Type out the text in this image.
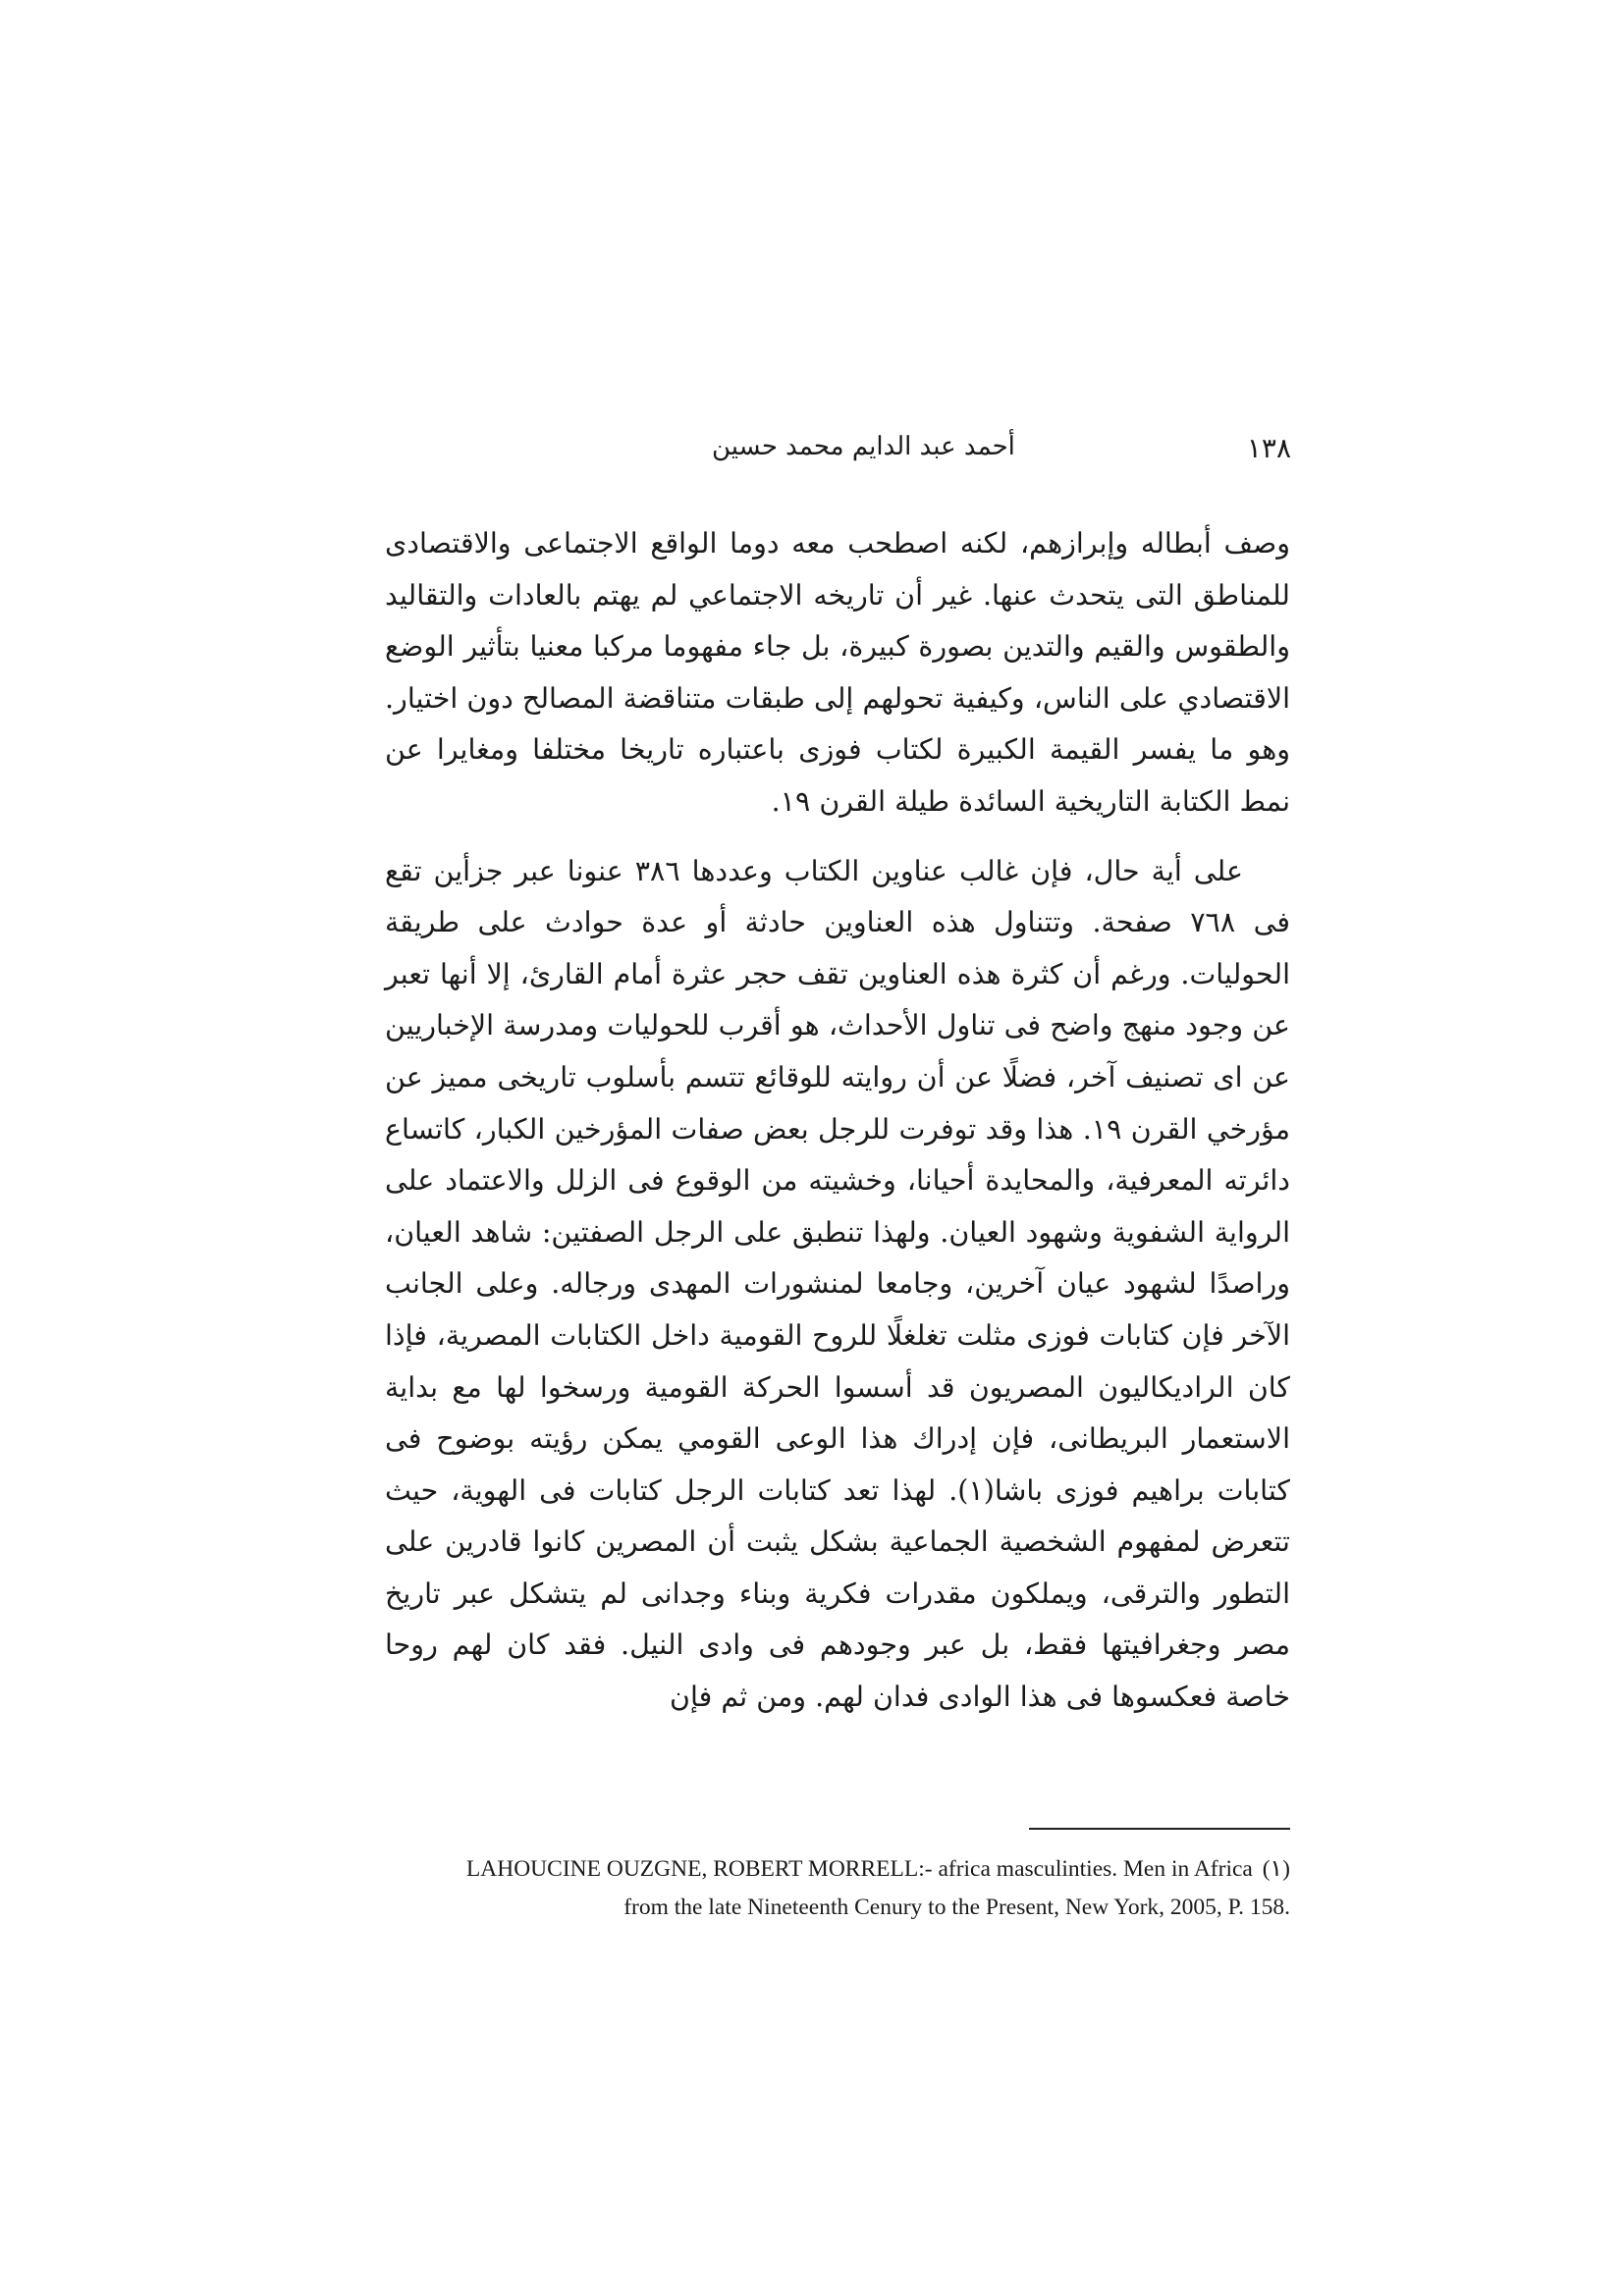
١٣٨
أحمد عبد الدايم محمد حسين

وصف أبطاله وإبرازهم، لكنه اصطحب معه دوما الواقع الاجتماعى والاقتصادى للمناطق التى يتحدث عنها. غير أن تاريخه الاجتماعي لم يهتم بالعادات والتقاليد والطقوس والقيم والتدين بصورة كبيرة، بل جاء مفهوما مركبا معنيا بتأثير الوضع الاقتصادي على الناس، وكيفية تحولهم إلى طبقات متناقضة المصالح دون اختيار. وهو ما يفسر القيمة الكبيرة لكتاب فوزى باعتباره تاريخا مختلفا ومغايرا عن نمط الكتابة التاريخية السائدة طيلة القرن ١٩.

على أية حال، فإن غالب عناوين الكتاب وعددها ٣٨٦ عنونا عبر جزأين تقع فى ٧٦٨ صفحة. وتتناول هذه العناوين حادثة أو عدة حوادث على طريقة الحوليات. ورغم أن كثرة هذه العناوين تقف حجر عثرة أمام القارئ، إلا أنها تعبر عن وجود منهج واضح فى تناول الأحداث، هو أقرب للحوليات ومدرسة الإخباريين عن اى تصنيف آخر، فضلًا عن أن روايته للوقائع تتسم بأسلوب تاريخى مميز عن مؤرخي القرن ١٩. هذا وقد توفرت للرجل بعض صفات المؤرخين الكبار، كاتساع دائرته المعرفية، والمحايدة أحيانا، وخشيته من الوقوع فى الزلل والاعتماد على الرواية الشفوية وشهود العيان. ولهذا تنطبق على الرجل الصفتين: شاهد العيان، وراصدًا لشهود عيان آخرين، وجامعا لمنشورات المهدى ورجاله. وعلى الجانب الآخر فإن كتابات فوزى مثلت تغلغلًا للروح القومية داخل الكتابات المصرية، فإذا كان الراديكاليون المصريون قد أسسوا الحركة القومية ورسخوا لها مع بداية الاستعمار البريطانى، فإن إدراك هذا الوعى القومي يمكن رؤيته بوضوح فى كتابات براهيم فوزى باشا(١). لهذا تعد كتابات الرجل كتابات فى الهوية، حيث تتعرض لمفهوم الشخصية الجماعية بشكل يثبت أن المصرين كانوا قادرين على التطور والترقى، ويملكون مقدرات فكرية وبناء وجدانى لم يتشكل عبر تاريخ مصر وجغرافيتها فقط، بل عبر وجودهم فى وادى النيل. فقد كان لهم روحا خاصة فعكسوها فى هذا الوادى فدان لهم. ومن ثم فإن

LAHOUCINE OUZGNE, ROBERT MORRELL:- africa masculinties. Men in Africa (١)
from the late Nineteenth Cenury to the Present, New York, 2005, P. 158.
